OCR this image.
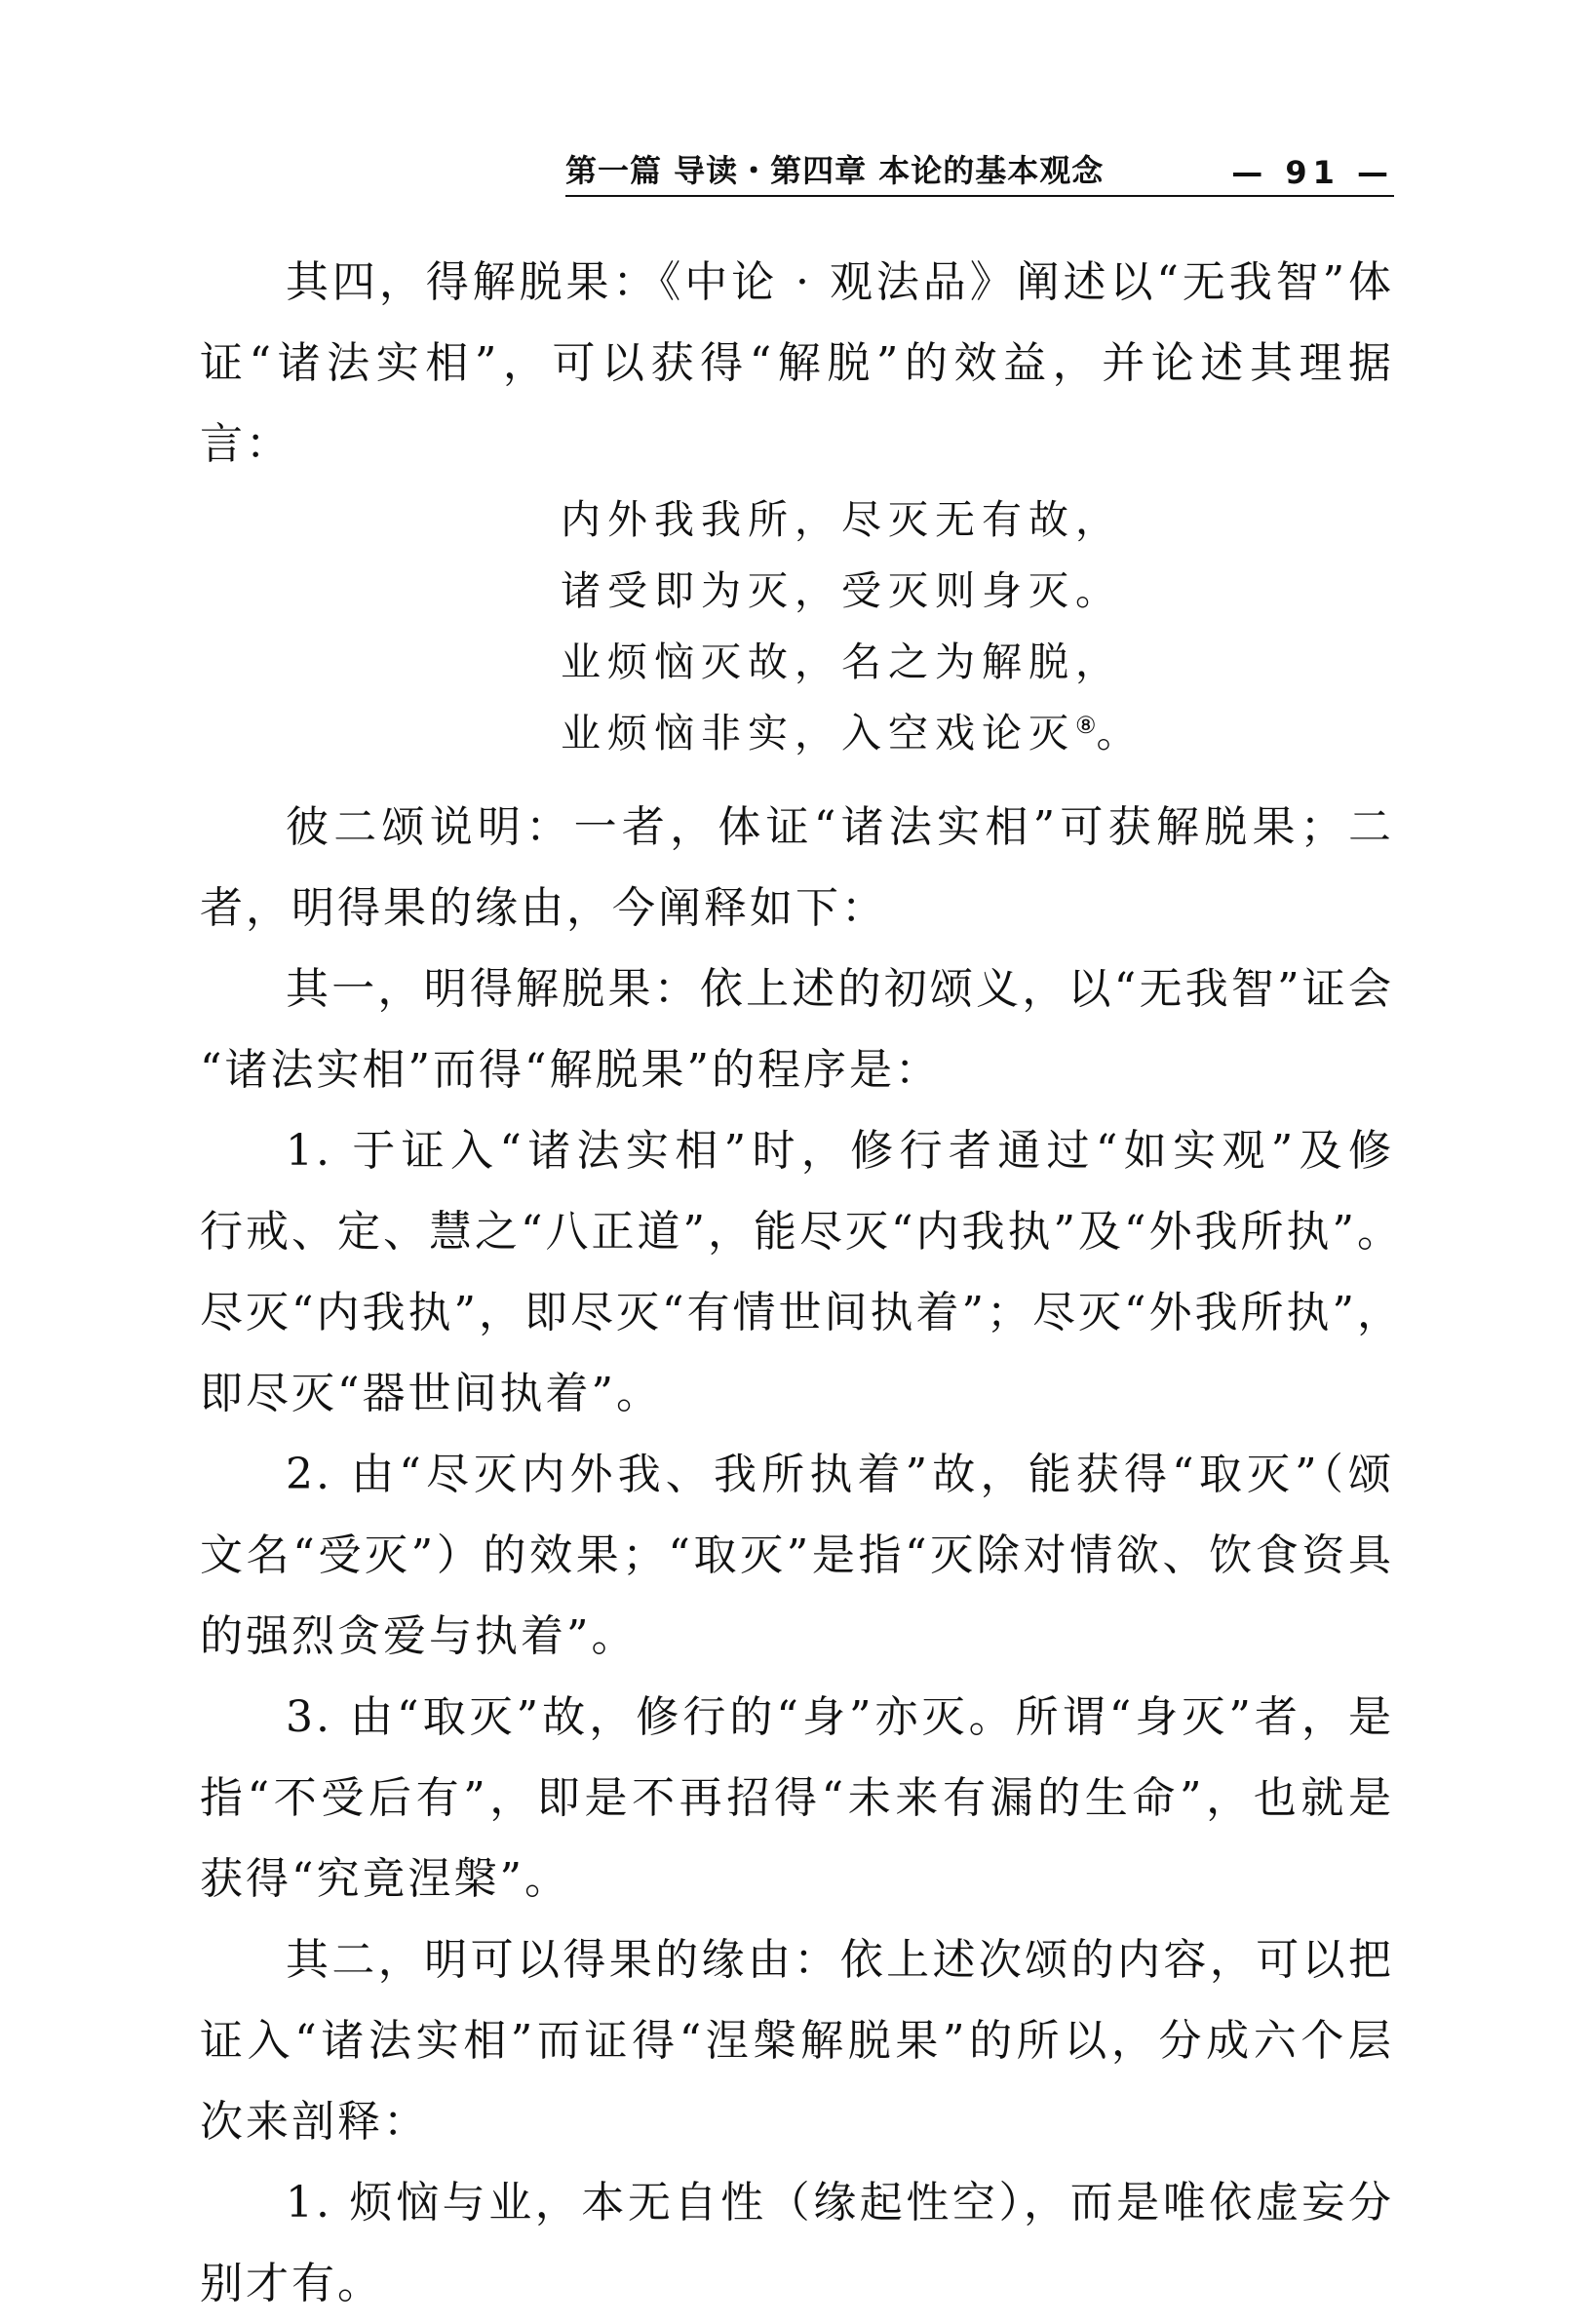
第一篇 导读・第四章 本论的基本观念	— 91 —
其四，得解脱果：《中论 · 观法品》阐述以“无我智”体
证“诸法实相”，可以获得“解脱”的效益，并论述其理据
言：
内外我我所，尽灭无有故，
诸受即为灭，受灭则身灭。
业烦恼灭故，名之为解脱，
业烦恼非实，入空戏论灭⑧。
彼二颂说明：一者，体证“诸法实相”可获解脱果；二
者，明得果的缘由，今阐释如下：
其一，明得解脱果：依上述的初颂义，以“无我智”证会
“诸法实相”而得“解脱果”的程序是：
1. 于证入“诸法实相”时，修行者通过“如实观”及修
行戒、定、慧之“八正道”，能尽灭“内我执”及“外我所执”。
尽灭“内我执”，即尽灭“有情世间执着”；尽灭“外我所执”，
即尽灭“器世间执着”。
2. 由“尽灭内外我、我所执着”故，能获得“取灭”（颂
文名“受灭”）的效果；“取灭”是指“灭除对情欲、饮食资具
的强烈贪爱与执着”。
3. 由“取灭”故，修行的“身”亦灭。所谓“身灭”者，是
指“不受后有”，即是不再招得“未来有漏的生命”，也就是
获得“究竟涅槃”。
其二，明可以得果的缘由：依上述次颂的内容，可以把
证入“诸法实相”而证得“涅槃解脱果”的所以，分成六个层
次来剖释：
1. 烦恼与业，本无自性（缘起性空），而是唯依虚妄分
别才有。
